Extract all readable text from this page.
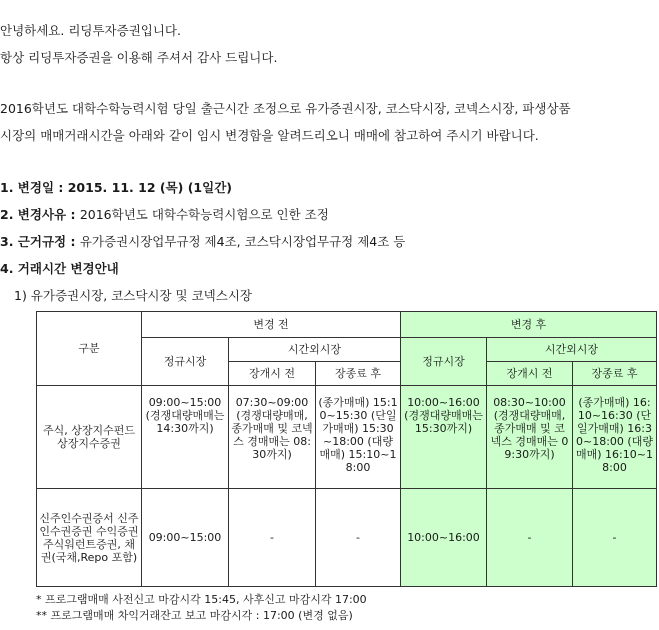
안녕하세요. 리딩투자증권입니다.
항상 리딩투자증권을 이용해 주셔서 감사 드립니다.
2016학년도 대학수학능력시험 당일 출근시간 조정으로 유가증권시장, 코스닥시장, 코넥스시장, 파생상품
시장의 매매거래시간을 아래와 같이 임시 변경함을 알려드리오니 매매에 참고하여 주시기 바랍니다.
1. 변경일 : 2015. 11. 12 (목) (1일간)
2. 변경사유 : 2016학년도 대학수학능력시험으로 인한 조정
3. 근거규정 : 유가증권시장업무규정 제4조, 코스닥시장업무규정 제4조 등
4. 거래시간 변경안내
1) 유가증권시장, 코스닥시장 및 코넥스시장
구분	변경 전			변경 후		
	정규시장	시간외시장		정규시장	시간외시장	
		장개시 전	장종료 후		장개시 전	장종료 후
주식, 상장지수펀드 상장지수증권	09:00~15:00 (경쟁대량매매는 14:30까지)	07:30~09:00 (경쟁대량매매,종가매매 및 코넥스 경매매는 08:30까지)	(종가매매) 15:10~15:30 (단일가매매) 15:30~18:00 (대량매매) 15:10~18:00	10:00~16:00 (경쟁대량매매는 15:30까지)	08:30~10:00 (경쟁대량매매,종가매매 및 코넥스 경매매는 09:30까지)	(종가매매) 16:10~16:30 (단일가매매) 16:30~18:00 (대량매매) 16:10~18:00
신주인수권증서 신주인수권증권 수익증권 주식워런트증권, 채권(국채,Repo 포함)	09:00~15:00	-	-	10:00~16:00	-	-
* 프로그램매매 사전신고 마감시각 15:45, 사후신고 마감시각 17:00
** 프로그램매매 차익거래잔고 보고 마감시각 : 17:00 (변경 없음)
